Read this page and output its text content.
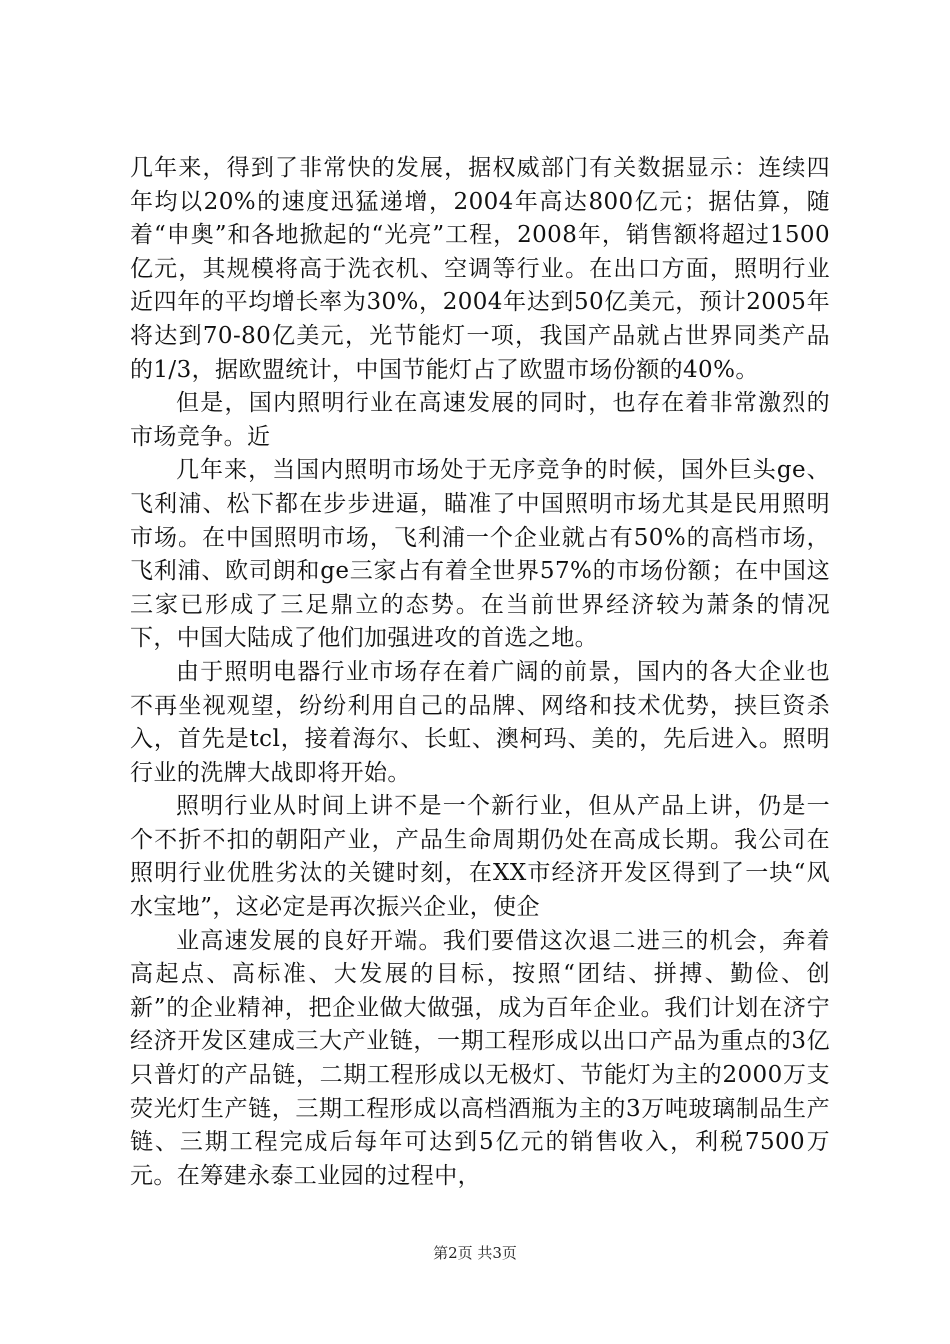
几年来，得到了非常快的发展，据权威部门有关数据显示：连续四年均以20%的速度迅猛递增，2004年高达800亿元；据估算，随着“申奥”和各地掀起的“光亮”工程，2008年，销售额将超过1500亿元，其规模将高于洗衣机、空调等行业。在出口方面，照明行业近四年的平均增长率为30%，2004年达到50亿美元，预计2005年将达到70-80亿美元，光节能灯一项，我国产品就占世界同类产品的1/3，据欧盟统计，中国节能灯占了欧盟市场份额的40%。

但是，国内照明行业在高速发展的同时，也存在着非常激烈的市场竞争。近

几年来，当国内照明市场处于无序竞争的时候，国外巨头ge、飞利浦、松下都在步步进逼，瞄准了中国照明市场尤其是民用照明市场。在中国照明市场，飞利浦一个企业就占有50%的高档市场，飞利浦、欧司朗和ge三家占有着全世界57%的市场份额；在中国这三家已形成了三足鼎立的态势。在当前世界经济较为萧条的情况下，中国大陆成了他们加强进攻的首选之地。

由于照明电器行业市场存在着广阔的前景，国内的各大企业也不再坐视观望，纷纷利用自己的品牌、网络和技术优势，挟巨资杀入，首先是tcl，接着海尔、长虹、澳柯玛、美的，先后进入。照明行业的洗牌大战即将开始。

照明行业从时间上讲不是一个新行业，但从产品上讲，仍是一个不折不扣的朝阳产业，产品生命周期仍处在高成长期。我公司在照明行业优胜劣汰的关键时刻，在XX市经济开发区得到了一块“风水宝地”，这必定是再次振兴企业，使企

业高速发展的良好开端。我们要借这次退二进三的机会，奔着高起点、高标准、大发展的目标，按照“团结、拼搏、勤俭、创新”的企业精神，把企业做大做强，成为百年企业。我们计划在济宁经济开发区建成三大产业链，一期工程形成以出口产品为重点的3亿只普灯的产品链，二期工程形成以无极灯、节能灯为主的2000万支荧光灯生产链，三期工程形成以高档酒瓶为主的3万吨玻璃制品生产链、三期工程完成后每年可达到5亿元的销售收入，利税7500万元。在筹建永泰工业园的过程中，

第2页 共3页
